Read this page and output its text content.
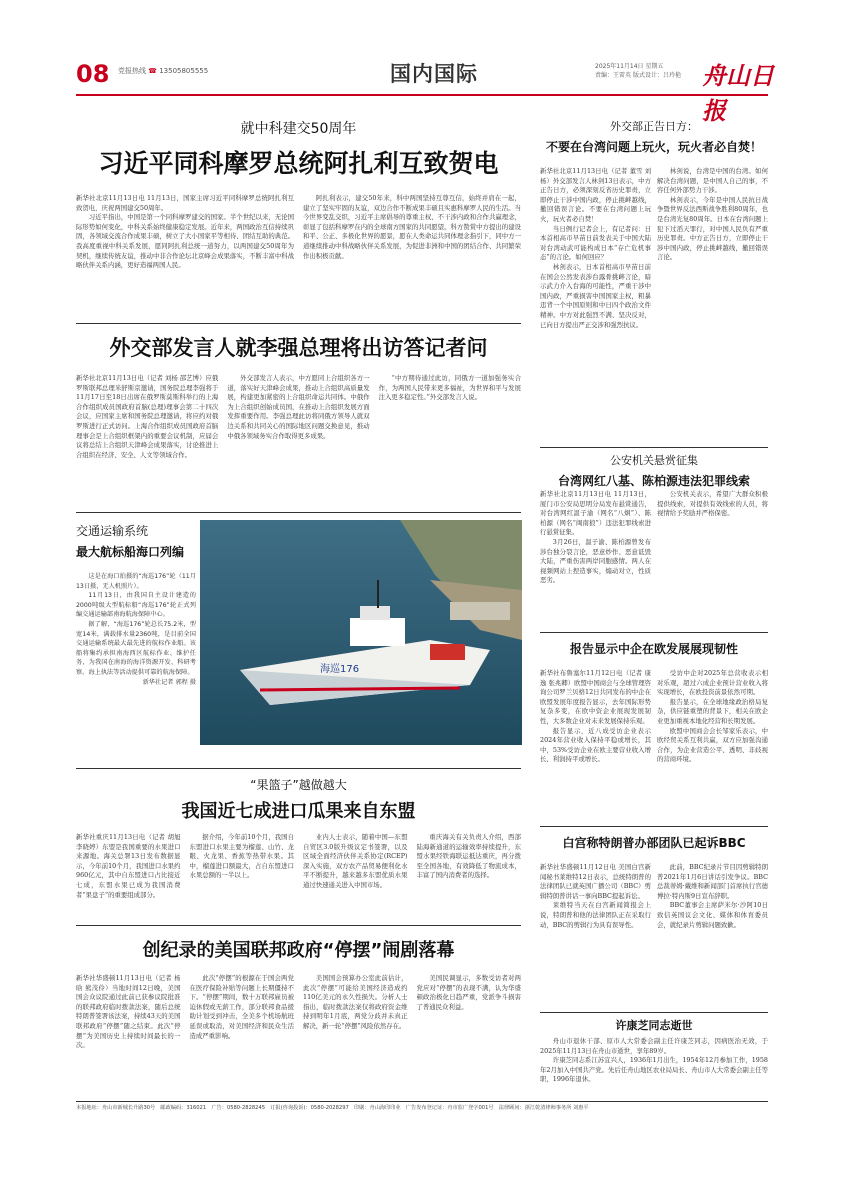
08 党报热线 ☎ 13505805555	国内国际	2025年11月14日 星期五
责编：王雷英 版式设计：吕玲艳 舟山日报
就中科建交50周年
习近平同科摩罗总统阿扎利互致贺电

新华社北京11月13日电 11月13日，国家主席习近平同科摩罗总统阿扎利互致贺电，庆祝两国建交50周年。

习近平指出，中国是第一个同科摩罗建交的国家。半个世纪以来，无论国际形势如何变化，中科关系始终健康稳定发展。近年来，两国政治互信持续巩固，各领域交流合作成果丰硕，树立了大小国家平等相待、团结互助的典范。我高度重视中科关系发展，愿同阿扎利总统一道努力，以两国建交50周年为契机，继续传统友谊，推动中非合作论坛北京峰会成果落实，不断丰富中科战略伙伴关系内涵，更好造福两国人民。

阿扎利表示，建交50年来，科中两国坚持互尊互信，始终并肩在一起，建立了坚实牢固的友谊，双边合作不断成果丰硕且实惠科摩罗人民的生活。当今世界变乱交织，习近平主席倡导的尊重主权、不干涉内政和合作共赢理念，彰显了包括科摩罗在内的全球南方国家的共同愿望。科方赞赏中方提出的建设和平、公正、多极化世界的愿景，愿在人类命运共同体理念指引下，同中方一道继续推动中科战略伙伴关系发展，为促进非洲和中国的团结合作、共同繁荣作出积极贡献。

外交部发言人就李强总理将出访答记者问

新华社北京11月13日电（记者 刘杨 邵艺博）应俄罗斯联邦总理米舒斯京邀请，国务院总理李强将于11月17日至18日出席在俄罗斯莫斯科举行的上海合作组织成员国政府首脑(总理)理事会第二十四次会议，应国家主席和国务院总理邀请，将应约对俄罗斯进行正式访问。上海合作组织成员国政府首脑理事会是上合组织框架内的重要会议机制，应届会议将总结上合组织天津峰会成果落实，讨论推进上合组织在经济、安全、人文等领域合作。

外交部发言人表示，中方愿同上合组织各方一道，落实好天津峰会成果，推动上合组织高质量发展，构建更加紧密的上合组织命运共同体。中俄作为上合组织创始成员国，在推动上合组织发展方面发挥重要作用。李强总理此访将同俄方领导人就双边关系和共同关心的国际地区问题交换意见，推动中俄各领域务实合作取得更多成果。

“中方期待通过此访，同俄方一道加强务实合作，为两国人民带来更多福祉，为世界和平与发展注入更多稳定性。”外交部发言人说。

外交部正告日方：
不要在台湾问题上玩火，玩火者必自焚！

新华社北京11月13日电（记者 董雪 刘杨）外交部发言人林剑13日表示，中方正告日方，必须深刻反省历史罪责，立即停止干涉中国内政，停止挑衅越线，撤回错误言论。不要在台湾问题上玩火，玩火者必自焚！

当日例行记者会上，有记者问：日本首相高市早苗日前发表关于中国大陆对台湾动武可能构成日本“存亡危机事态”的言论。如何回应？

林剑表示，日本首相高市早苗日前在国会公然发表涉台露骨挑衅言论，暗示武力介入台海的可能性，严重干涉中国内政，严重损害中国国家主权，粗暴违背一个中国原则和中日四个政治文件精神。中方对此强烈不满、坚决反对，已向日方提出严正交涉和强烈抗议。

林剑说，台湾是中国的台湾。如何解决台湾问题，是中国人自己的事，不容任何外部势力干涉。

林剑表示，今年是中国人民抗日战争暨世界反法西斯战争胜利80周年，也是台湾光复80周年。日本在台湾问题上犯下过滔天罪行，对中国人民负有严重历史罪责。中方正告日方，立即停止干涉中国内政，停止挑衅越线，撤回错误言论。

交通运输系统
最大航标船海口列编

这是在海口拍摄的“海巡176”轮（11月13日摄，无人机照片）。

11月13日，由我国自主设计建造的2000吨级大型航标船“海巡176”轮正式列编交通运输部南海航海保障中心。

据了解，“海巡176”轮总长75.2米，型宽14米，满载排水量2360吨，是目前全国交通运输系统最大最先进的航标作业船。该船将集约承担南海西区航标作业、维护任务，为我国在南海的海洋资源开发、科研考察、海上执法等活动提供可靠的航海保障。

新华社记者 郭程 摄

海巡176
公安机关悬赏征集
台湾网红八基、陈柏源违法犯罪线索

新华社北京11月13日电 11月13日，厦门市公安局思明分局发布悬赏通告，对台湾网红温子渝（网名“八炯”）、陈柏源（网名“闽南狼”）违法犯罪线索进行悬赏征集。

3月26日，温子渝、陈柏源曾发布涉台独分裂言论，恶意炒作、恶意诋毁大陆，严重伤害两岸同胞感情。两人在视频网站上捏造事实，煽动对立，性质恶劣。

公安机关表示，希望广大群众积极提供线索，对提供有效线索的人员，将视情给予奖励并严格保密。

报告显示中企在欧发展展现韧性

新华社布鲁塞尔11月12日电（记者 康逸 张兆卿）欧盟中国商会与全球管理咨询公司罗兰贝格12日共同发布的中企在欧盟发展年度报告显示，去年国际形势复杂多变，在欧中资企业展现发展韧性，大多数企业对未来发展保持乐观。

报告显示，近八成受访企业表示2024年营业收入保持平稳或增长，其中，53%受访企业在欧主要营业收入增长、利润持平或增长。

受访中企对2025年总营收表示相对乐观，超过六成企业预计营业收入将实现增长，在欧投资前景依然可期。

报告显示，在全球地缘政治格局复杂，供应链重塑的背景下，相关在欧企业更加重视本地化经营和长期发展。

欧盟中国商会会长邹家乐表示，中欧经贸关系互利共赢，双方应加强沟通合作，为企业营造公平、透明、非歧视的营商环境。

“果篮子”越做越大
我国近七成进口瓜果来自东盟

新华社重庆11月13日电（记者 胡旭 李晓婷）东盟是我国重要的水果进口来源地。海关总署13日发布数据显示，今年前10个月，我国进口水果约960亿元，其中自东盟进口占比接近七成，东盟水果已成为我国消费者“果盘子”的重要组成部分。

据介绍，今年前10个月，我国自东盟进口水果主要为榴莲、山竹、龙眼、火龙果、香蕉等热带水果。其中，榴莲进口额最大，占自东盟进口水果总额的一半以上。

业内人士表示，随着中国—东盟自贸区3.0版升级议定书签署，以及区域全面经济伙伴关系协定(RCEP)深入实施，双方农产品贸易便利化水平不断提升，越来越多东盟优质水果通过快速通关进入中国市场。

重庆海关有关负责人介绍，西部陆海新通道的运输效率持续提升，东盟水果经铁海联运抵达重庆，再分拨至全国各地，有效降低了物流成本，丰富了国内消费者的选择。

创纪录的美国联邦政府“停摆”闹剧落幕

新华社华盛顿11月13日电（记者 杨晗 熊茂伶）当地时间12日晚，美国国会众议院通过此前已获参议院批准的联邦政府临时拨款法案，随后总统特朗普签署该法案，持续43天的美国联邦政府“停摆”随之结束。此次“停摆”为美国历史上持续时间最长的一次。

此次“停摆”的根源在于国会两党在医疗保险补贴等问题上长期僵持不下。“停摆”期间，数十万联邦雇员被迫休假或无薪工作，部分联邦食品援助计划受到冲击，全美多个机场航班延误或取消，对美国经济和民众生活造成严重影响。

美国国会预算办公室此前估计，此次“停摆”可能给美国经济造成约110亿美元的永久性损失。分析人士指出，临时拨款法案仅将政府资金维持到明年1月底，两党分歧并未真正解决，新一轮“停摆”风险依然存在。

美国民调显示，多数受访者对两党应对“停摆”的表现不满，认为华盛顿政治极化日趋严重，党派争斗损害了普通民众利益。

白宫称特朗普办部团队已起诉BBC

新华社华盛顿11月12日电 美国白宫新闻秘书莱维特12日表示，总统特朗普的法律团队已就英国广播公司（BBC）剪辑特朗普讲话一事向BBC提起诉讼。

莱维特当天在白宫新闻简报会上说，特朗普和他的法律团队正在采取行动，BBC的剪辑行为具有误导性。

此前，BBC纪录片节目因剪辑特朗普2021年1月6日讲话引发争议。BBC总裁蒂姆·戴维和新闻部门首席执行官德博拉·特内斯9日宣布辞职。

BBC董事会主席萨米尔·沙阿10日致信英国议会文化、媒体和体育委员会，就纪录片剪辑问题致歉。

许康芝同志逝世

舟山市退休干部、原市人大常委会副主任许康芝同志，因病医治无效，于2025年11月13日在舟山市逝世，享年89岁。

许康芝同志系江苏宜兴人，1936年1月出生，1954年12月参加工作，1958年2月加入中国共产党。先后任舟山地区农业局局长、舟山市人大常委会副主任等职，1996年退休。

本报地址：舟山市新城长升路30号　邮政编码：316021　广告：0580-2828245　订报(咨询投诉)：0580-2028297　印刷：舟山海印印业　广告发布登记证：舟市监广登字001号　法律顾问：浙江乾清律师事务所 刘惠平
